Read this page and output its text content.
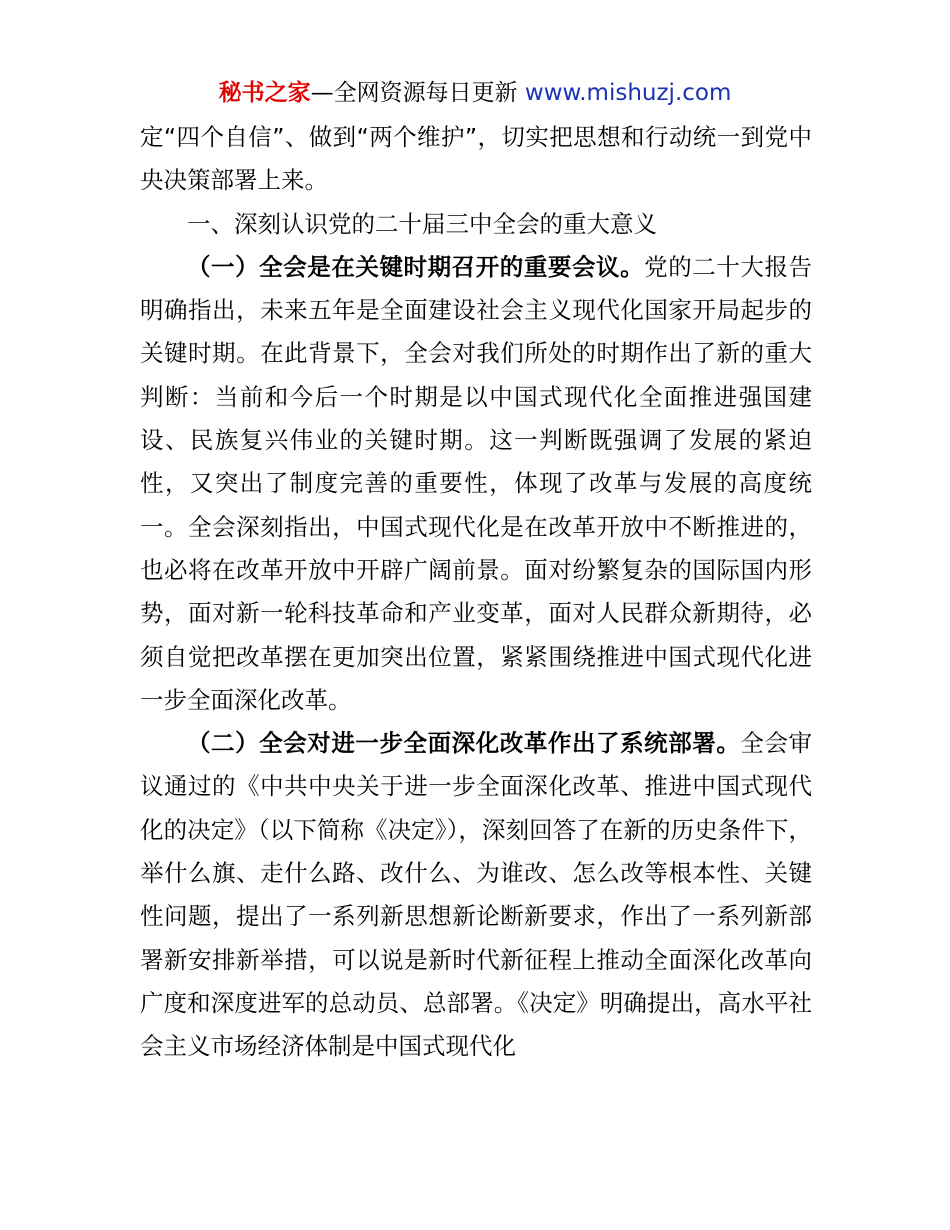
秘书之家—全网资源每日更新 www.mishuzj.com

定“四个自信”、做到“两个维护”，切实把思想和行动统一到党中央决策部署上来。

一、深刻认识党的二十届三中全会的重大意义

（一）全会是在关键时期召开的重要会议。党的二十大报告明确指出，未来五年是全面建设社会主义现代化国家开局起步的关键时期。在此背景下，全会对我们所处的时期作出了新的重大判断：当前和今后一个时期是以中国式现代化全面推进强国建设、民族复兴伟业的关键时期。这一判断既强调了发展的紧迫性，又突出了制度完善的重要性，体现了改革与发展的高度统一。全会深刻指出，中国式现代化是在改革开放中不断推进的，也必将在改革开放中开辟广阔前景。面对纷繁复杂的国际国内形势，面对新一轮科技革命和产业变革，面对人民群众新期待，必须自觉把改革摆在更加突出位置，紧紧围绕推进中国式现代化进一步全面深化改革。

（二）全会对进一步全面深化改革作出了系统部署。全会审议通过的《中共中央关于进一步全面深化改革、推进中国式现代化的决定》（以下简称《决定》），深刻回答了在新的历史条件下，举什么旗、走什么路、改什么、为谁改、怎么改等根本性、关键性问题，提出了一系列新思想新论断新要求，作出了一系列新部署新安排新举措，可以说是新时代新征程上推动全面深化改革向广度和深度进军的总动员、总部署。《决定》明确提出，高水平社会主义市场经济体制是中国式现代化
